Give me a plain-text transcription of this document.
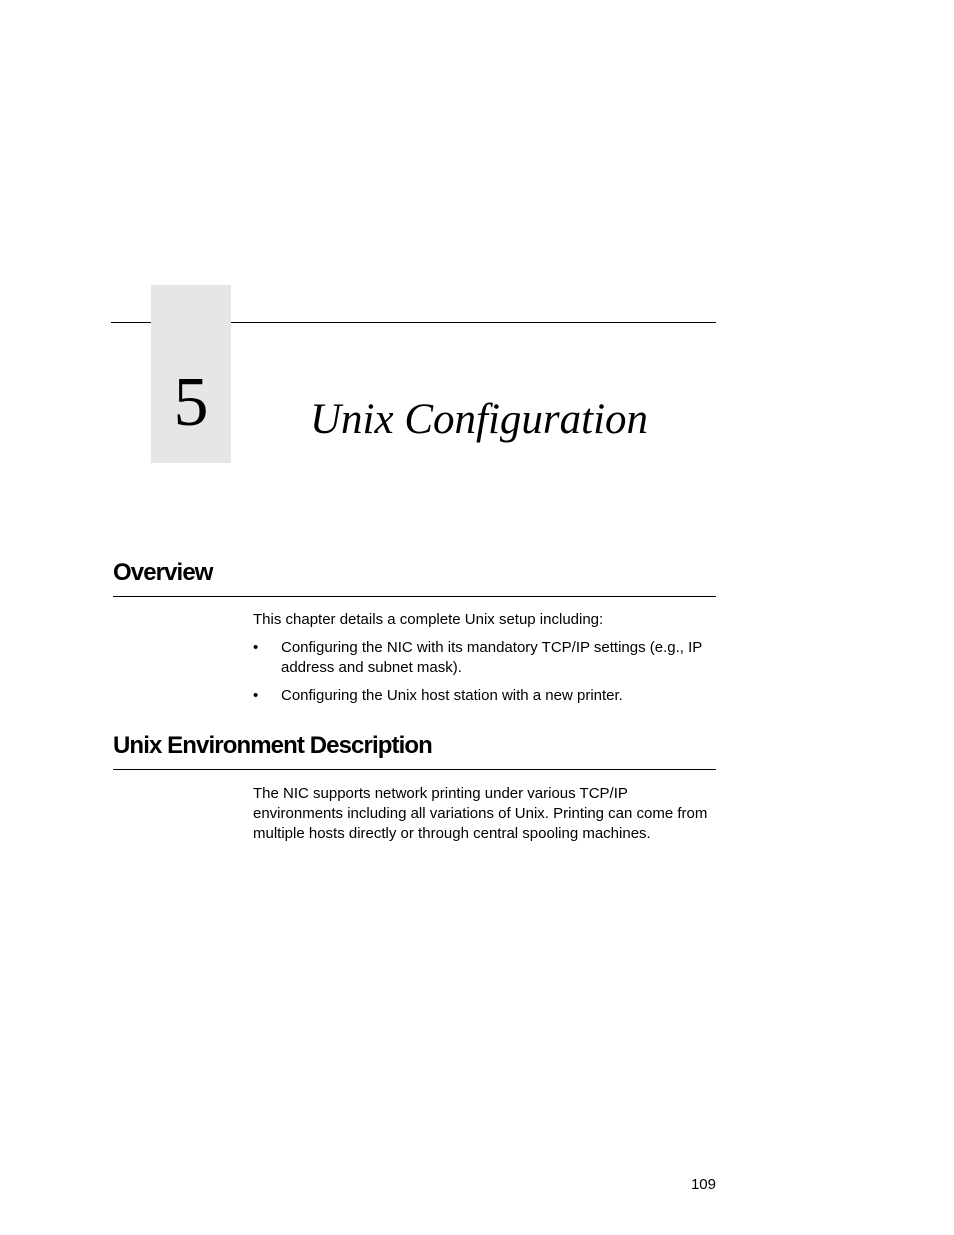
5	Unix Configuration
Overview
This chapter details a complete Unix setup including:
• Configuring the NIC with its mandatory TCP/IP settings (e.g., IP address and subnet mask).
• Configuring the Unix host station with a new printer.
Unix Environment Description
The NIC supports network printing under various TCP/IP environments including all variations of Unix. Printing can come from multiple hosts directly or through central spooling machines.
109
